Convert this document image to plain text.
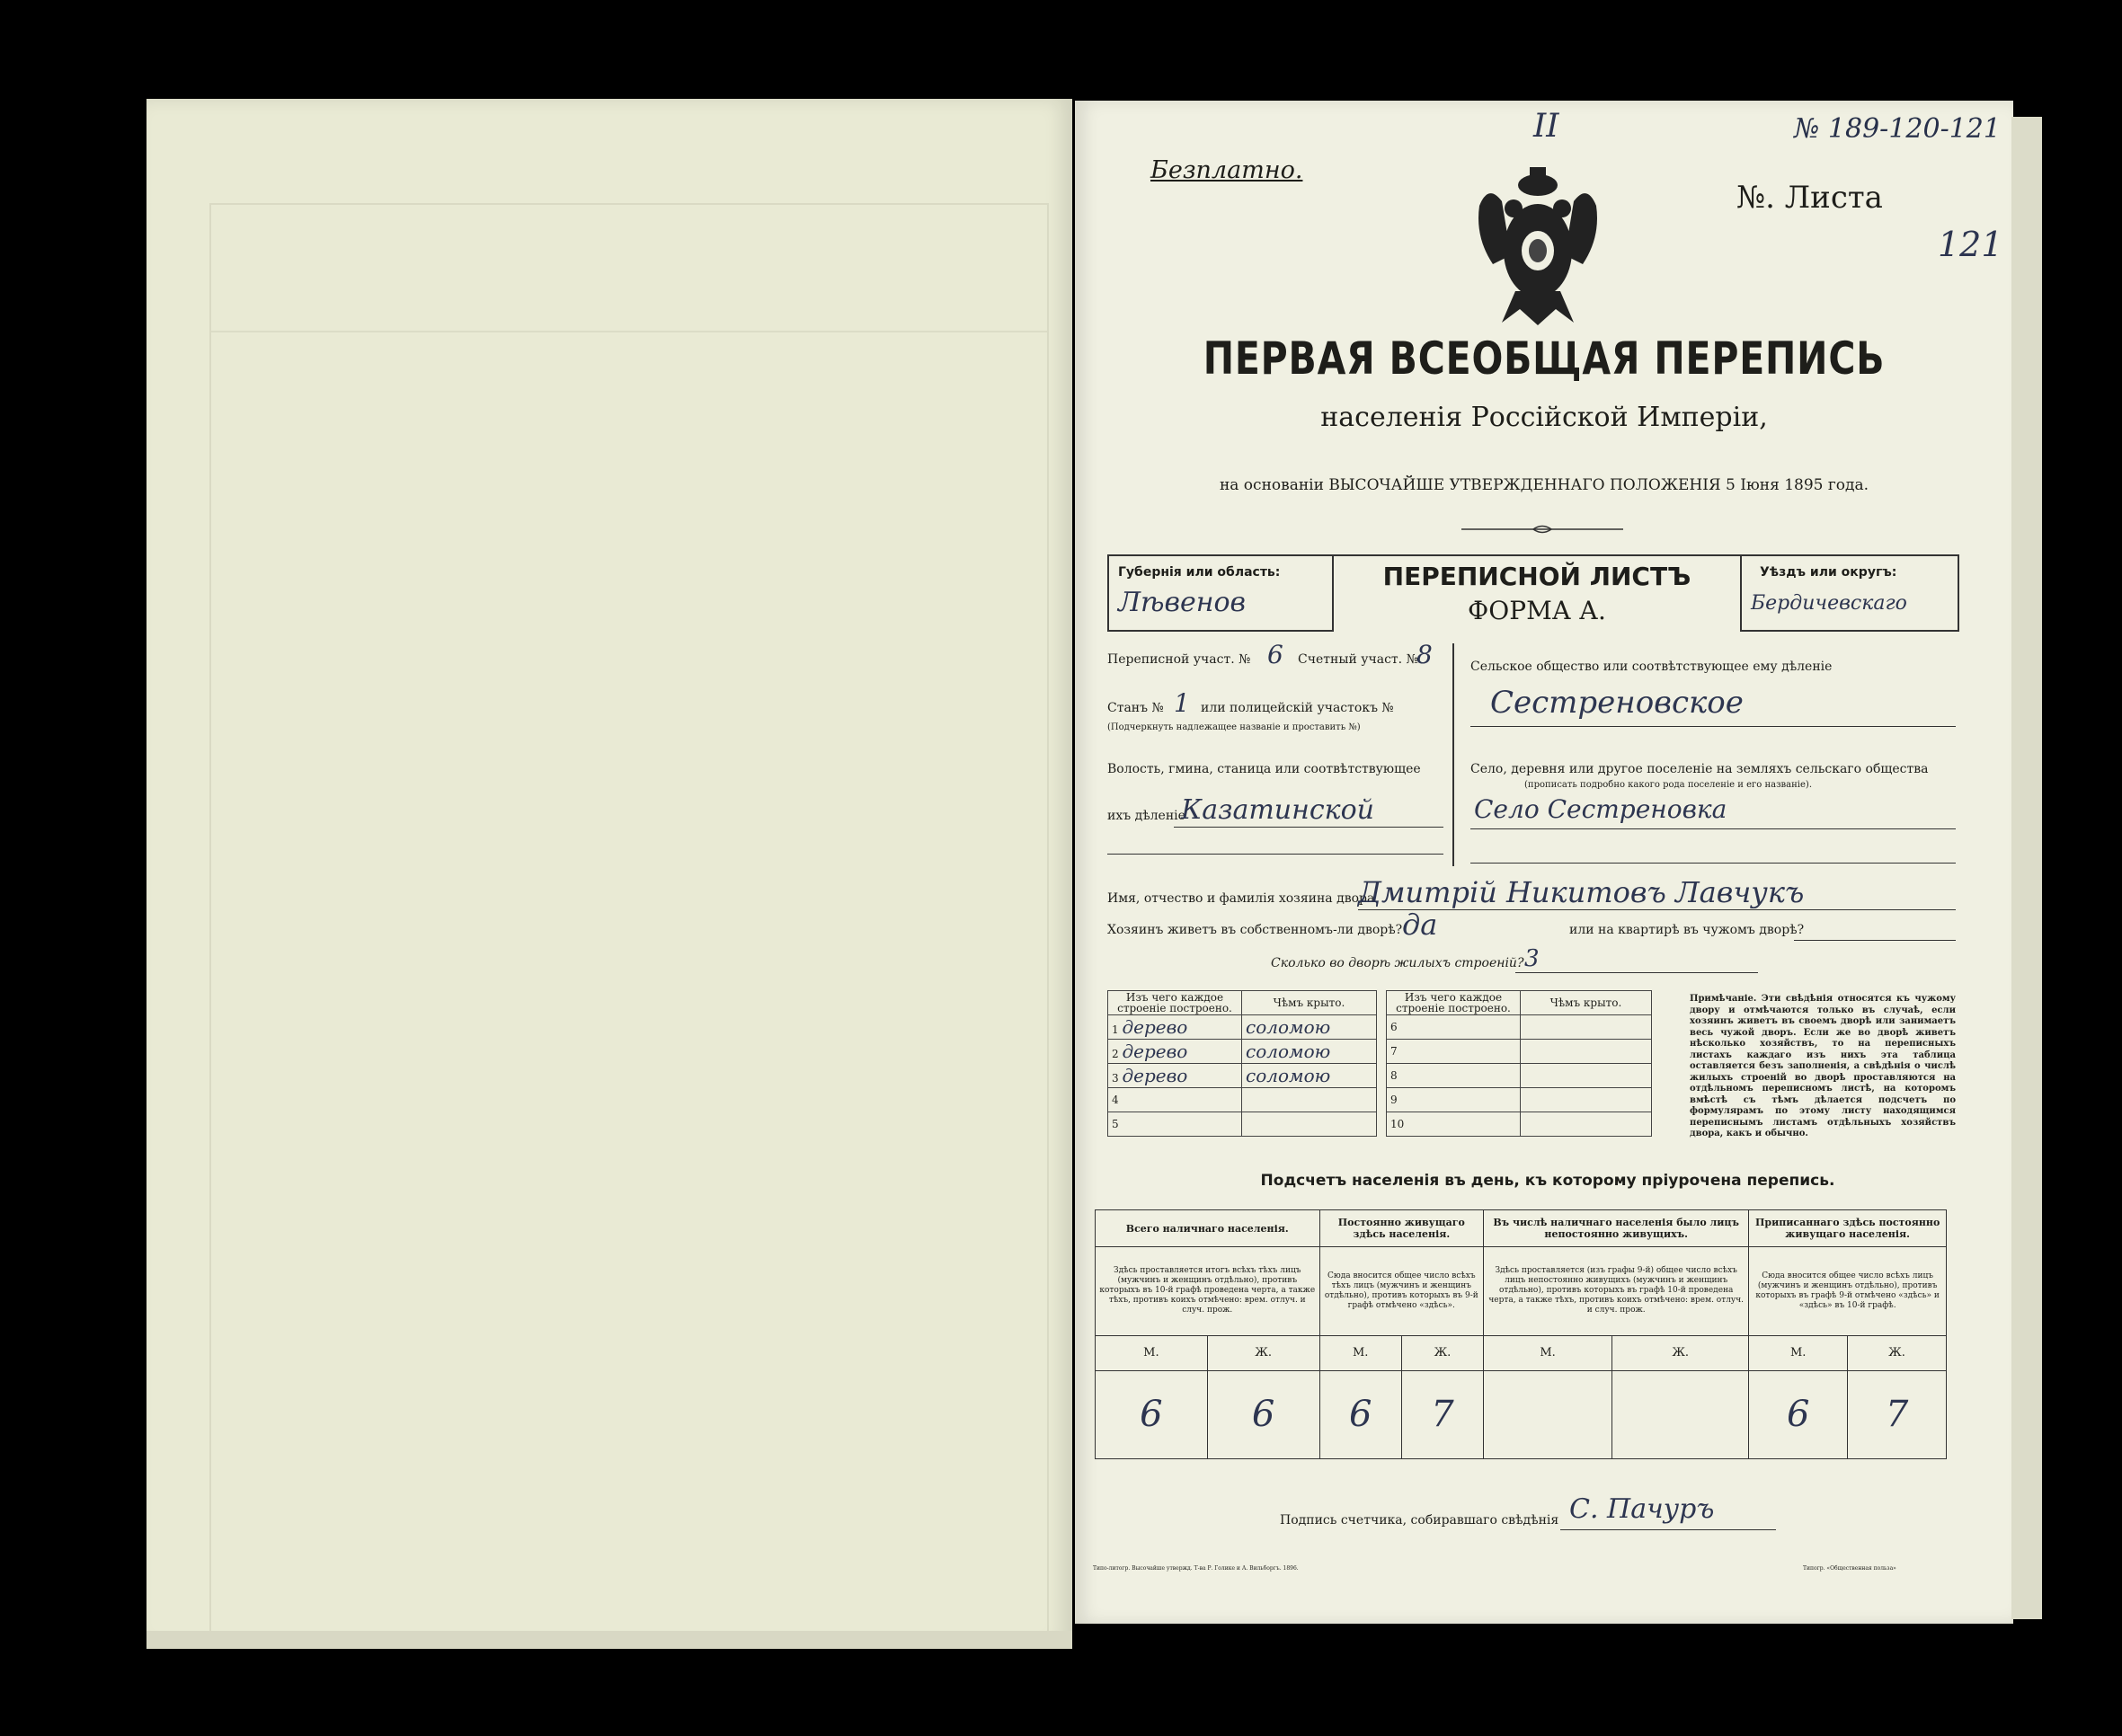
Безплатно.
II	№ 189-120-121
№. Листа
121
ПЕРВАЯ ВСЕОБЩАЯ ПЕРЕПИСЬ
населенія Россійской Имперіи,
на основаніи ВЫСОЧАЙШЕ УТВЕРЖДЕННАГО ПОЛОЖЕНІЯ 5 Іюня 1895 года.
Губернія или область:
Лѣвенов
ПЕРЕПИСНОЙ ЛИСТЪ
ФОРМА А.
Уѣздъ или округъ:
Бердичевскаго
Переписной участ. № 6 Счетный участ. №
8
Станъ № 1 или полицейскій участокъ №
(Подчеркнуть надлежащее названіе и проставить №)
Волость, гмина, станица или соотвѣтствующее
ихъ дѣленіе
Казатинской
Сельское общество или соотвѣтствующее ему дѣленіе
Сестреновское
Село, деревня или другое поселеніе на земляхъ сельскаго общества
(прописать подробно какого рода поселеніе и его названіе).
Село Сестреновка
Имя, отчество и фамилія хозяина двора
Дмитрій Никитовъ Лавчукъ
Хозяинъ живетъ въ собственномъ-ли дворѣ? да	или на квартирѣ въ чужомъ дворѣ?
Сколько во дворѣ жилыхъ строеній? 3
Изъ чего каждое строеніе построено.	Чѣмъ крыто.
1 дерево	соломою
2 дерево	соломою
3 дерево	соломою
4	
5	
Изъ чего каждое строеніе построено.	Чѣмъ крыто.
6	
7	
8	
9	
10	
Примѣчаніе. Эти свѣдѣнія относятся къ чужому двору и отмѣчаются только въ случаѣ, если хозяинъ живетъ въ своемъ дворѣ или занимаетъ весь чужой дворъ. Если же во дворѣ живетъ нѣсколько хозяйствъ, то на переписныхъ листахъ каждаго изъ нихъ эта таблица оставляется безъ заполненія, а свѣдѣнія о числѣ жилыхъ строеній во дворѣ проставляются на отдѣльномъ переписномъ листѣ, на которомъ вмѣстѣ съ тѣмъ дѣлается подсчетъ по формулярамъ по этому листу находящимся переписнымъ листамъ отдѣльныхъ хозяйствъ двора, какъ и обычно.
Подсчетъ населенія въ день, къ которому пріурочена перепись.
Всего наличнаго населенія.		Постоянно живущаго здѣсь населенія.		Въ числѣ наличнаго населенія было лицъ непостоянно живущихъ.		Приписаннаго здѣсь постоянно живущаго населенія.	
Здѣсь проставляется итогъ всѣхъ тѣхъ лицъ (мужчинъ и женщинъ отдѣльно), противъ которыхъ въ 10-й графѣ проведена черта, а также тѣхъ, противъ коихъ отмѣчено: врем. отлуч. и случ. прож.		Сюда вносится общее число всѣхъ тѣхъ лицъ (мужчинъ и женщинъ отдѣльно), противъ которыхъ въ 9-й графѣ отмѣчено «здѣсь».		Здѣсь проставляется (изъ графы 9-й) общее число всѣхъ лицъ непостоянно живущихъ (мужчинъ и женщинъ отдѣльно), противъ которыхъ въ графѣ 10-й проведена черта, а также тѣхъ, противъ коихъ отмѣчено: врем. отлуч. и случ. прож.		Сюда вносится общее число всѣхъ лицъ (мужчинъ и женщинъ отдѣльно), противъ которыхъ въ графѣ 9-й отмѣчено «здѣсь» и «здѣсь» въ 10-й графѣ.	
М.	Ж.	М.	Ж.	М.	Ж.	М.	Ж.
6	6	6	7			6	7
Подпись счетчика, собиравшаго свѣдѣнія С. Пачуръ
Типо-литогр. Высочайше утвержд. Т-ва Р. Голике и А. Вильборгъ. 1896.	Типогр. «Общественная польза»
